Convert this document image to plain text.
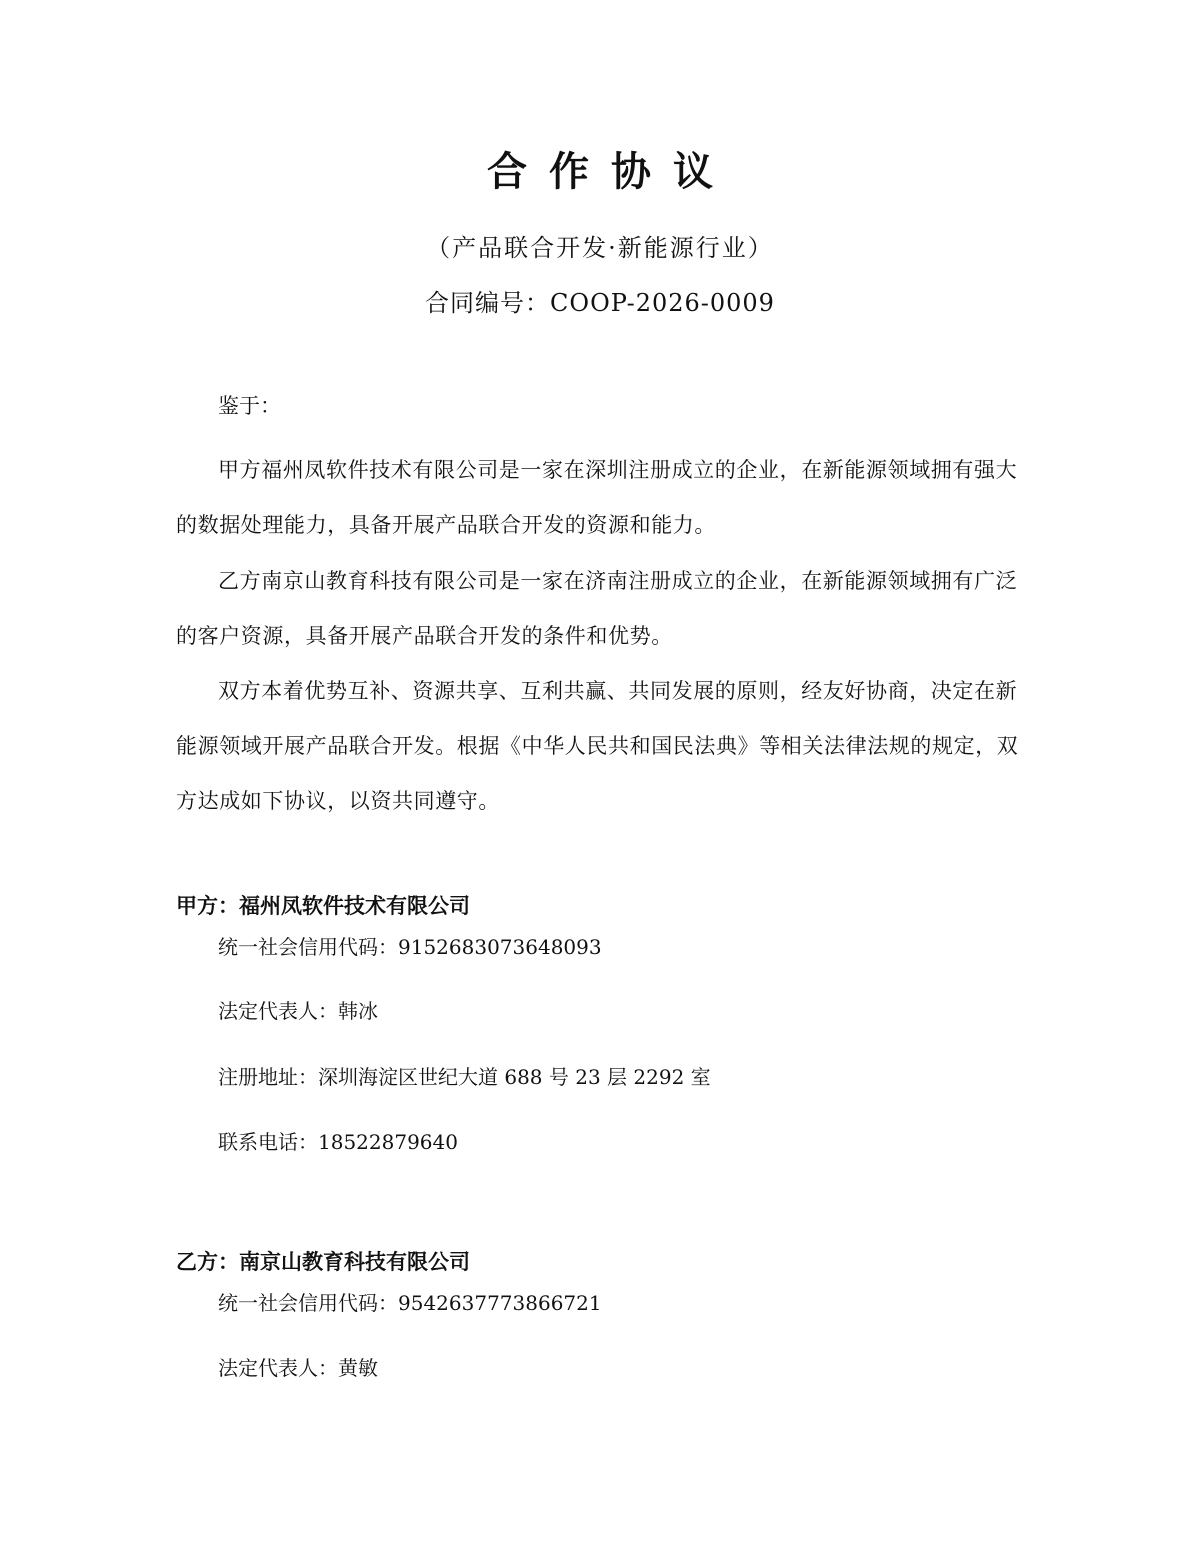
合作协议
（产品联合开发·新能源行业）
合同编号：COOP-2026-0009
鉴于：

甲方福州凤软件技术有限公司是一家在深圳注册成立的企业，在新能源领域拥有强大的数据处理能力，具备开展产品联合开发的资源和能力。

乙方南京山教育科技有限公司是一家在济南注册成立的企业，在新能源领域拥有广泛的客户资源，具备开展产品联合开发的条件和优势。

双方本着优势互补、资源共享、互利共赢、共同发展的原则，经友好协商，决定在新能源领域开展产品联合开发。根据《中华人民共和国民法典》等相关法律法规的规定，双方达成如下协议，以资共同遵守。

甲方：福州凤软件技术有限公司
统一社会信用代码：9152683073648093
法定代表人：韩冰
注册地址：深圳海淀区世纪大道 688 号 23 层 2292 室
联系电话：18522879640
乙方：南京山教育科技有限公司
统一社会信用代码：9542637773866721
法定代表人：黄敏
